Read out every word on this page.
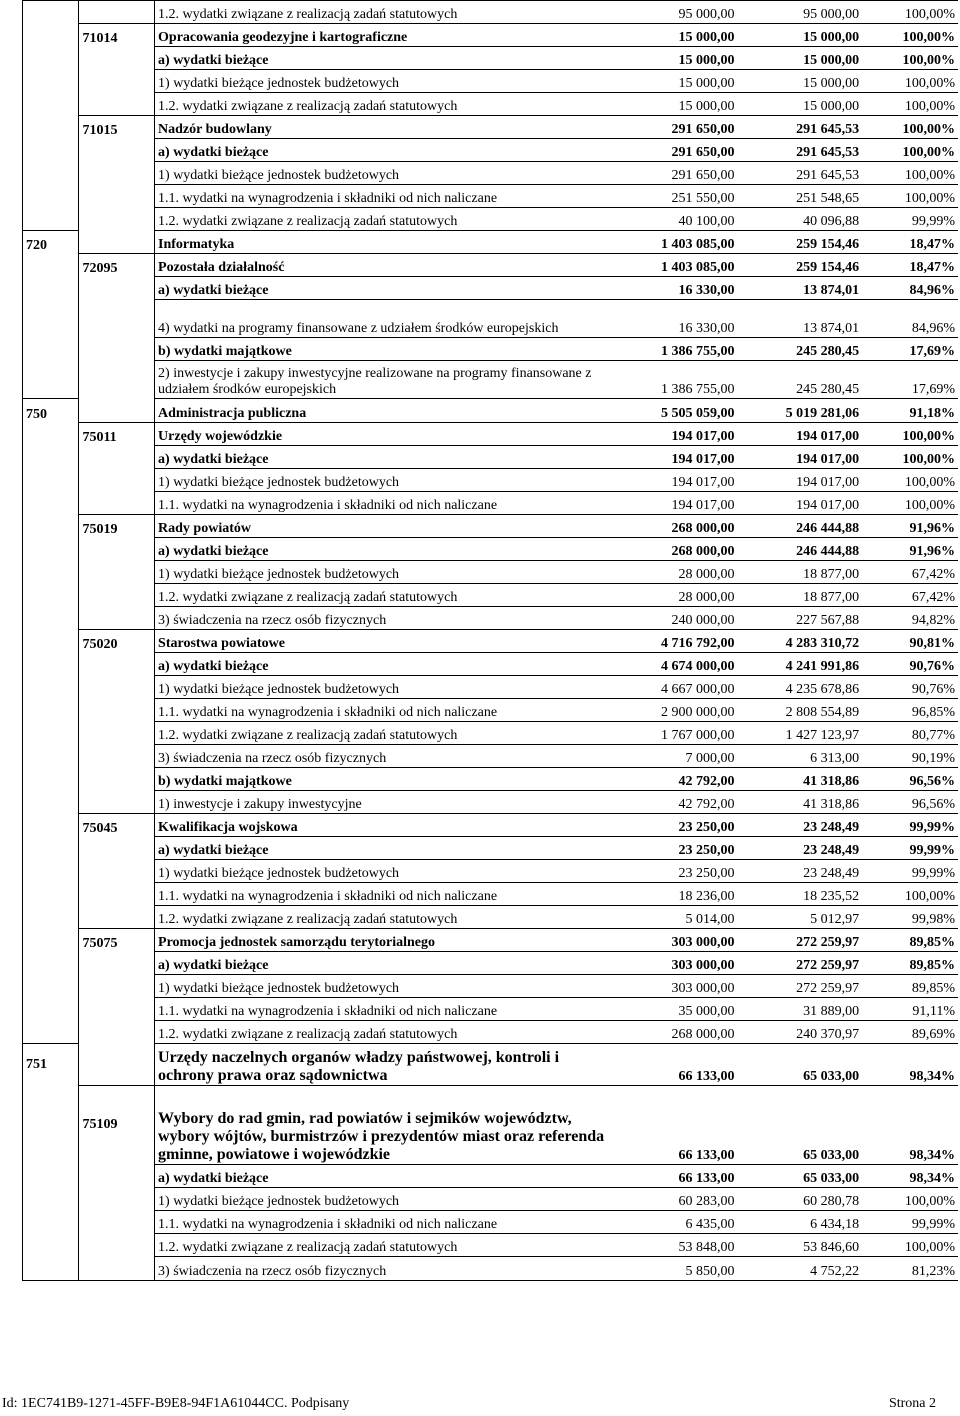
		1.2. wydatki związane z realizacją zadań statutowych	95 000,00	95 000,00	100,00%
	71014	Opracowania geodezyjne i kartograficzne	15 000,00	15 000,00	100,00%
		a) wydatki bieżące	15 000,00	15 000,00	100,00%
		1) wydatki bieżące jednostek budżetowych	15 000,00	15 000,00	100,00%
		1.2. wydatki związane z realizacją zadań statutowych	15 000,00	15 000,00	100,00%
	71015	Nadzór budowlany	291 650,00	291 645,53	100,00%
		a) wydatki bieżące	291 650,00	291 645,53	100,00%
		1) wydatki bieżące jednostek budżetowych	291 650,00	291 645,53	100,00%
		1.1. wydatki na wynagrodzenia i składniki od nich naliczane	251 550,00	251 548,65	100,00%
		1.2. wydatki związane z realizacją zadań statutowych	40 100,00	40 096,88	99,99%
720		Informatyka	1 403 085,00	259 154,46	18,47%
	72095	Pozostała działalność	1 403 085,00	259 154,46	18,47%
		a) wydatki bieżące	16 330,00	13 874,01	84,96%
		4) wydatki na programy finansowane z udziałem środków europejskich	16 330,00	13 874,01	84,96%
		b) wydatki majątkowe	1 386 755,00	245 280,45	17,69%
		2) inwestycje i zakupy inwestycyjne realizowane na programy finansowane z udziałem środków europejskich	1 386 755,00	245 280,45	17,69%
750		Administracja publiczna	5 505 059,00	5 019 281,06	91,18%
	75011	Urzędy wojewódzkie	194 017,00	194 017,00	100,00%
		a) wydatki bieżące	194 017,00	194 017,00	100,00%
		1) wydatki bieżące jednostek budżetowych	194 017,00	194 017,00	100,00%
		1.1. wydatki na wynagrodzenia i składniki od nich naliczane	194 017,00	194 017,00	100,00%
	75019	Rady powiatów	268 000,00	246 444,88	91,96%
		a) wydatki bieżące	268 000,00	246 444,88	91,96%
		1) wydatki bieżące jednostek budżetowych	28 000,00	18 877,00	67,42%
		1.2. wydatki związane z realizacją zadań statutowych	28 000,00	18 877,00	67,42%
		3) świadczenia na rzecz osób fizycznych	240 000,00	227 567,88	94,82%
	75020	Starostwa powiatowe	4 716 792,00	4 283 310,72	90,81%
		a) wydatki bieżące	4 674 000,00	4 241 991,86	90,76%
		1) wydatki bieżące jednostek budżetowych	4 667 000,00	4 235 678,86	90,76%
		1.1. wydatki na wynagrodzenia i składniki od nich naliczane	2 900 000,00	2 808 554,89	96,85%
		1.2. wydatki związane z realizacją zadań statutowych	1 767 000,00	1 427 123,97	80,77%
		3) świadczenia na rzecz osób fizycznych	7 000,00	6 313,00	90,19%
		b) wydatki majątkowe	42 792,00	41 318,86	96,56%
		1) inwestycje i zakupy inwestycyjne	42 792,00	41 318,86	96,56%
	75045	Kwalifikacja wojskowa	23 250,00	23 248,49	99,99%
		a) wydatki bieżące	23 250,00	23 248,49	99,99%
		1) wydatki bieżące jednostek budżetowych	23 250,00	23 248,49	99,99%
		1.1. wydatki na wynagrodzenia i składniki od nich naliczane	18 236,00	18 235,52	100,00%
		1.2. wydatki związane z realizacją zadań statutowych	5 014,00	5 012,97	99,98%
	75075	Promocja jednostek samorządu terytorialnego	303 000,00	272 259,97	89,85%
		a) wydatki bieżące	303 000,00	272 259,97	89,85%
		1) wydatki bieżące jednostek budżetowych	303 000,00	272 259,97	89,85%
		1.1. wydatki na wynagrodzenia i składniki od nich naliczane	35 000,00	31 889,00	91,11%
		1.2. wydatki związane z realizacją zadań statutowych	268 000,00	240 370,97	89,69%
751		Urzędy naczelnych organów władzy państwowej, kontroli i ochrony prawa oraz sądownictwa	66 133,00	65 033,00	98,34%
	75109	Wybory do rad gmin, rad powiatów i sejmików województw, wybory wójtów, burmistrzów i prezydentów miast oraz referenda gminne, powiatowe i wojewódzkie	66 133,00	65 033,00	98,34%
		a) wydatki bieżące	66 133,00	65 033,00	98,34%
		1) wydatki bieżące jednostek budżetowych	60 283,00	60 280,78	100,00%
		1.1. wydatki na wynagrodzenia i składniki od nich naliczane	6 435,00	6 434,18	99,99%
		1.2. wydatki związane z realizacją zadań statutowych	53 848,00	53 846,60	100,00%
		3) świadczenia na rzecz osób fizycznych	5 850,00	4 752,22	81,23%
Id: 1EC741B9-1271-45FF-B9E8-94F1A61044CC. Podpisany	Strona 2
